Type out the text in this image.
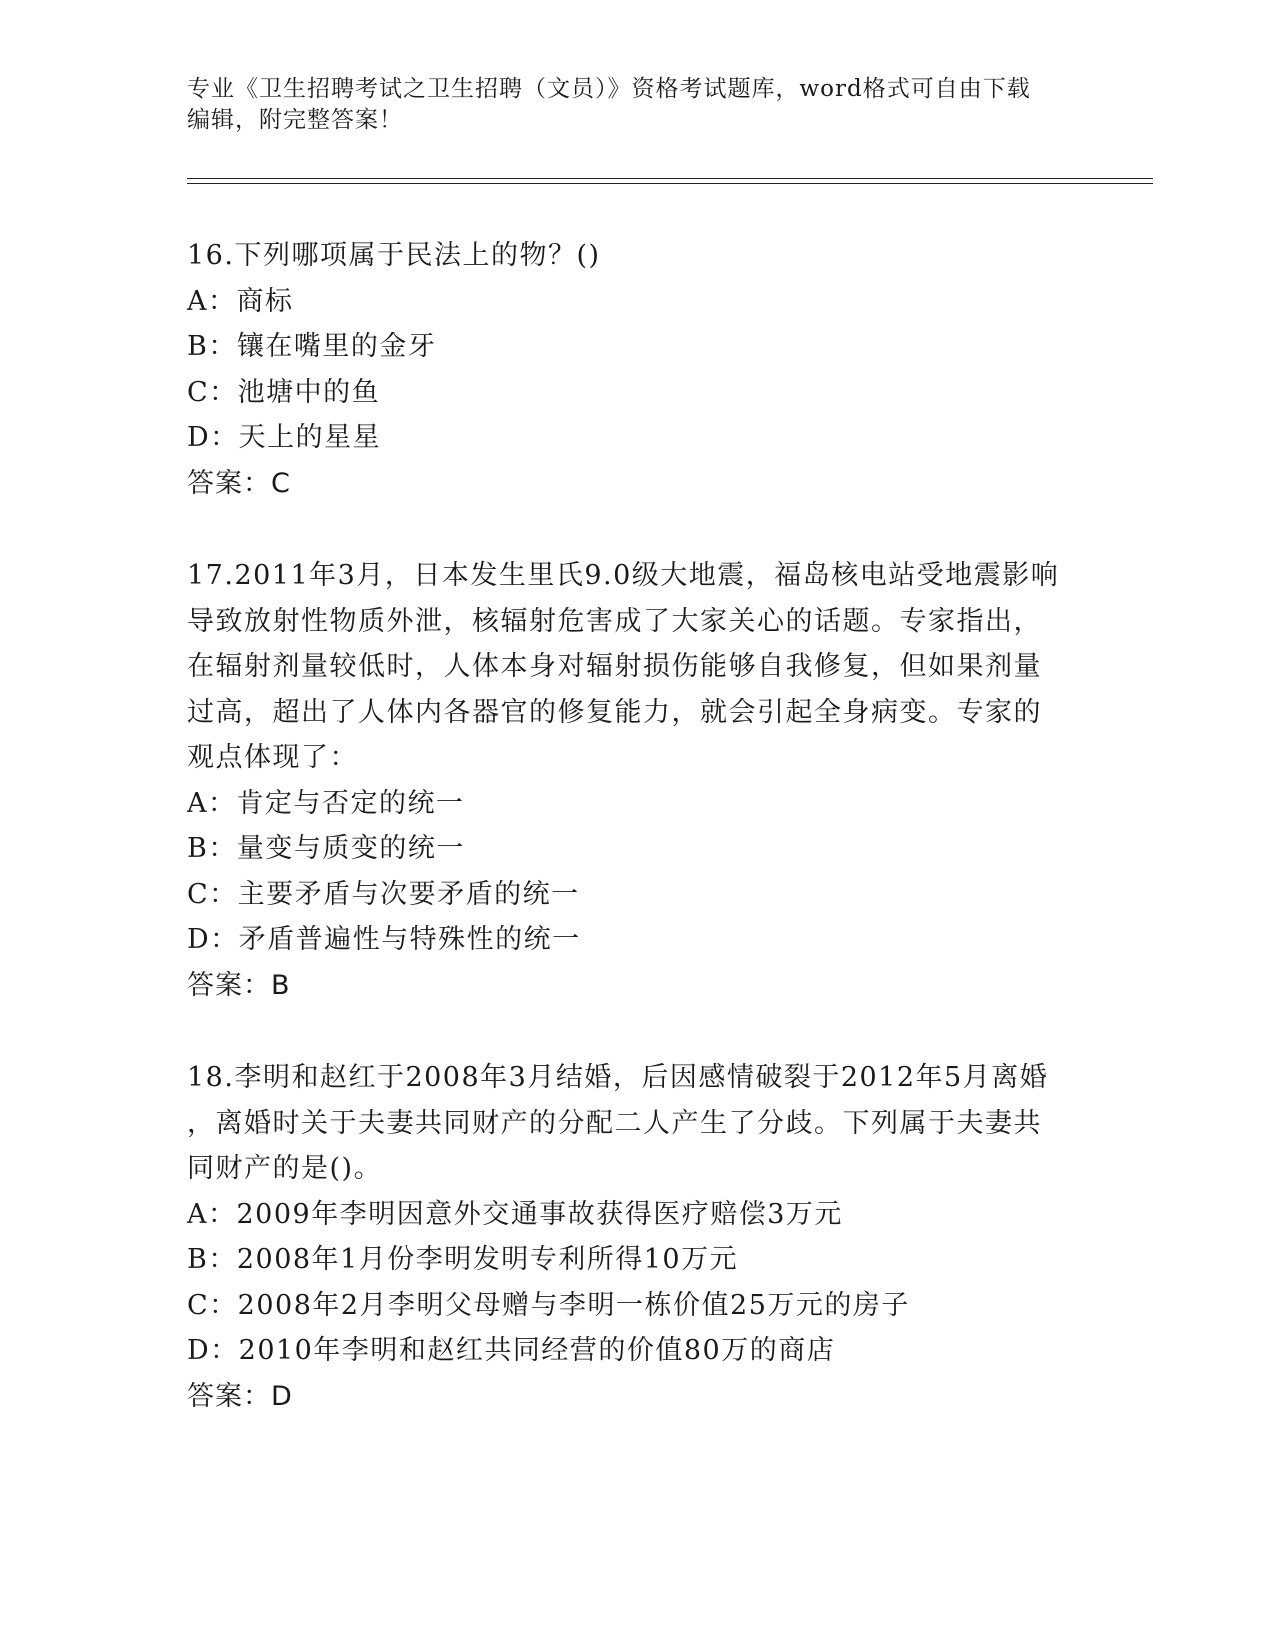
专业《卫生招聘考试之卫生招聘（文员）》资格考试题库，word格式可自由下载
编辑，附完整答案！

16.下列哪项属于民法上的物？()

A：商标

B：镶在嘴里的金牙

C：池塘中的鱼

D：天上的星星

答案：C

17.2011年3月，日本发生里氏9.0级大地震，福岛核电站受地震影响

导致放射性物质外泄，核辐射危害成了大家关心的话题。专家指出，

在辐射剂量较低时，人体本身对辐射损伤能够自我修复，但如果剂量

过高，超出了人体内各器官的修复能力，就会引起全身病变。专家的

观点体现了：

A：肯定与否定的统一

B：量变与质变的统一

C：主要矛盾与次要矛盾的统一

D：矛盾普遍性与特殊性的统一

答案：B

18.李明和赵红于2008年3月结婚，后因感情破裂于2012年5月离婚

，离婚时关于夫妻共同财产的分配二人产生了分歧。下列属于夫妻共

同财产的是()。

A：2009年李明因意外交通事故获得医疗赔偿3万元

B：2008年1月份李明发明专利所得10万元

C：2008年2月李明父母赠与李明一栋价值25万元的房子

D：2010年李明和赵红共同经营的价值80万的商店

答案：D
